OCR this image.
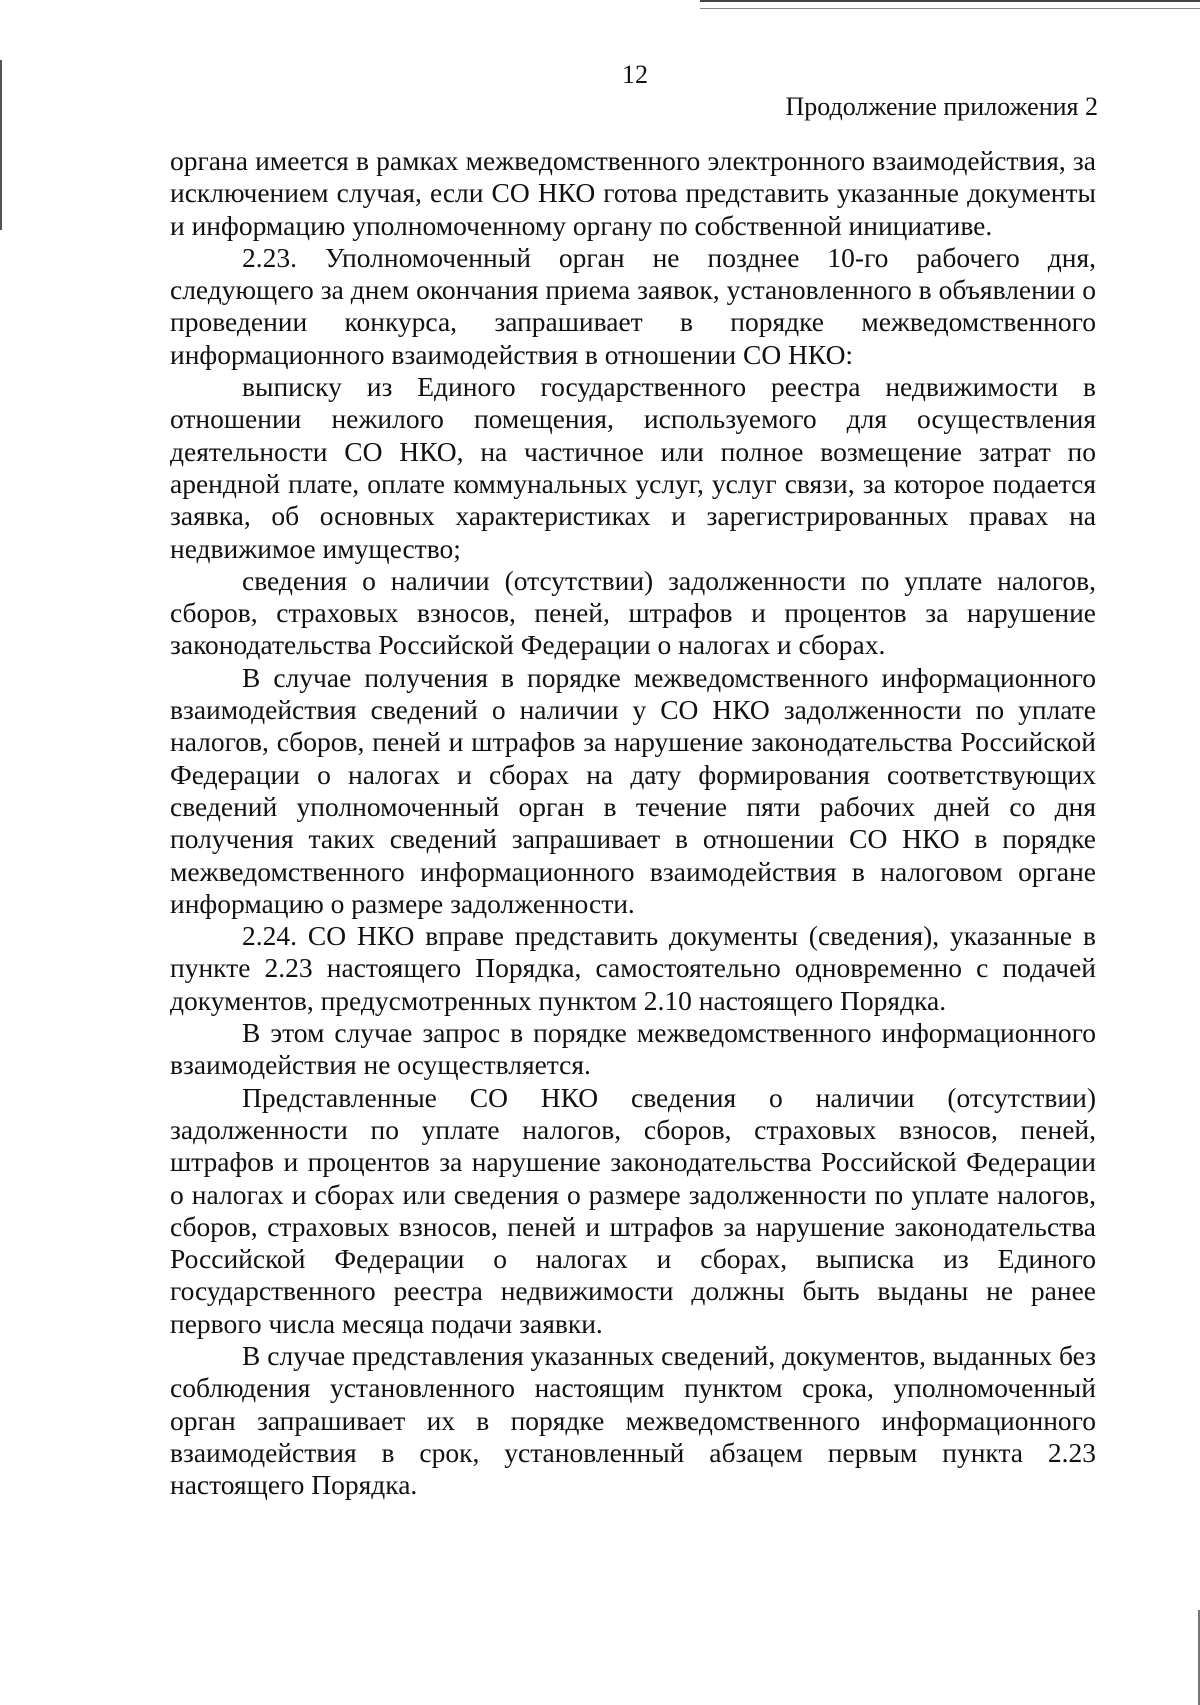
12
Продолжение приложения 2

органа имеется в рамках межведомственного электронного взаимодействия, за исключением случая, если СО НКО готова представить указанные документы и информацию уполномоченному органу по собственной инициативе.

2.23. Уполномоченный орган не позднее 10-го рабочего дня, следующего за днем окончания приема заявок, установленного в объявлении о проведении конкурса, запрашивает в порядке межведомственного информационного взаимодействия в отношении СО НКО:

выписку из Единого государственного реестра недвижимости в отношении нежилого помещения, используемого для осуществления деятельности СО НКО, на частичное или полное возмещение затрат по арендной плате, оплате коммунальных услуг, услуг связи, за которое подается заявка, об основных характеристиках и зарегистрированных правах на недвижимое имущество;

сведения о наличии (отсутствии) задолженности по уплате налогов, сборов, страховых взносов, пеней, штрафов и процентов за нарушение законодательства Российской Федерации о налогах и сборах.

В случае получения в порядке межведомственного информационного взаимодействия сведений о наличии у СО НКО задолженности по уплате налогов, сборов, пеней и штрафов за нарушение законодательства Российской Федерации о налогах и сборах на дату формирования соответствующих сведений уполномоченный орган в течение пяти рабочих дней со дня получения таких сведений запрашивает в отношении СО НКО в порядке межведомственного информационного взаимодействия в налоговом органе информацию о размере задолженности.

2.24. СО НКО вправе представить документы (сведения), указанные в пункте 2.23 настоящего Порядка, самостоятельно одновременно с подачей документов, предусмотренных пунктом 2.10 настоящего Порядка.

В этом случае запрос в порядке межведомственного информационного взаимодействия не осуществляется.

Представленные СО НКО сведения о наличии (отсутствии) задолженности по уплате налогов, сборов, страховых взносов, пеней, штрафов и процентов за нарушение законодательства Российской Федерации о налогах и сборах или сведения о размере задолженности по уплате налогов, сборов, страховых взносов, пеней и штрафов за нарушение законодательства Российской Федерации о налогах и сборах, выписка из Единого государственного реестра недвижимости должны быть выданы не ранее первого числа месяца подачи заявки.

В случае представления указанных сведений, документов, выданных без соблюдения установленного настоящим пунктом срока, уполномоченный орган запрашивает их в порядке межведомственного информационного взаимодействия в срок, установленный абзацем первым пункта 2.23 настоящего Порядка.
